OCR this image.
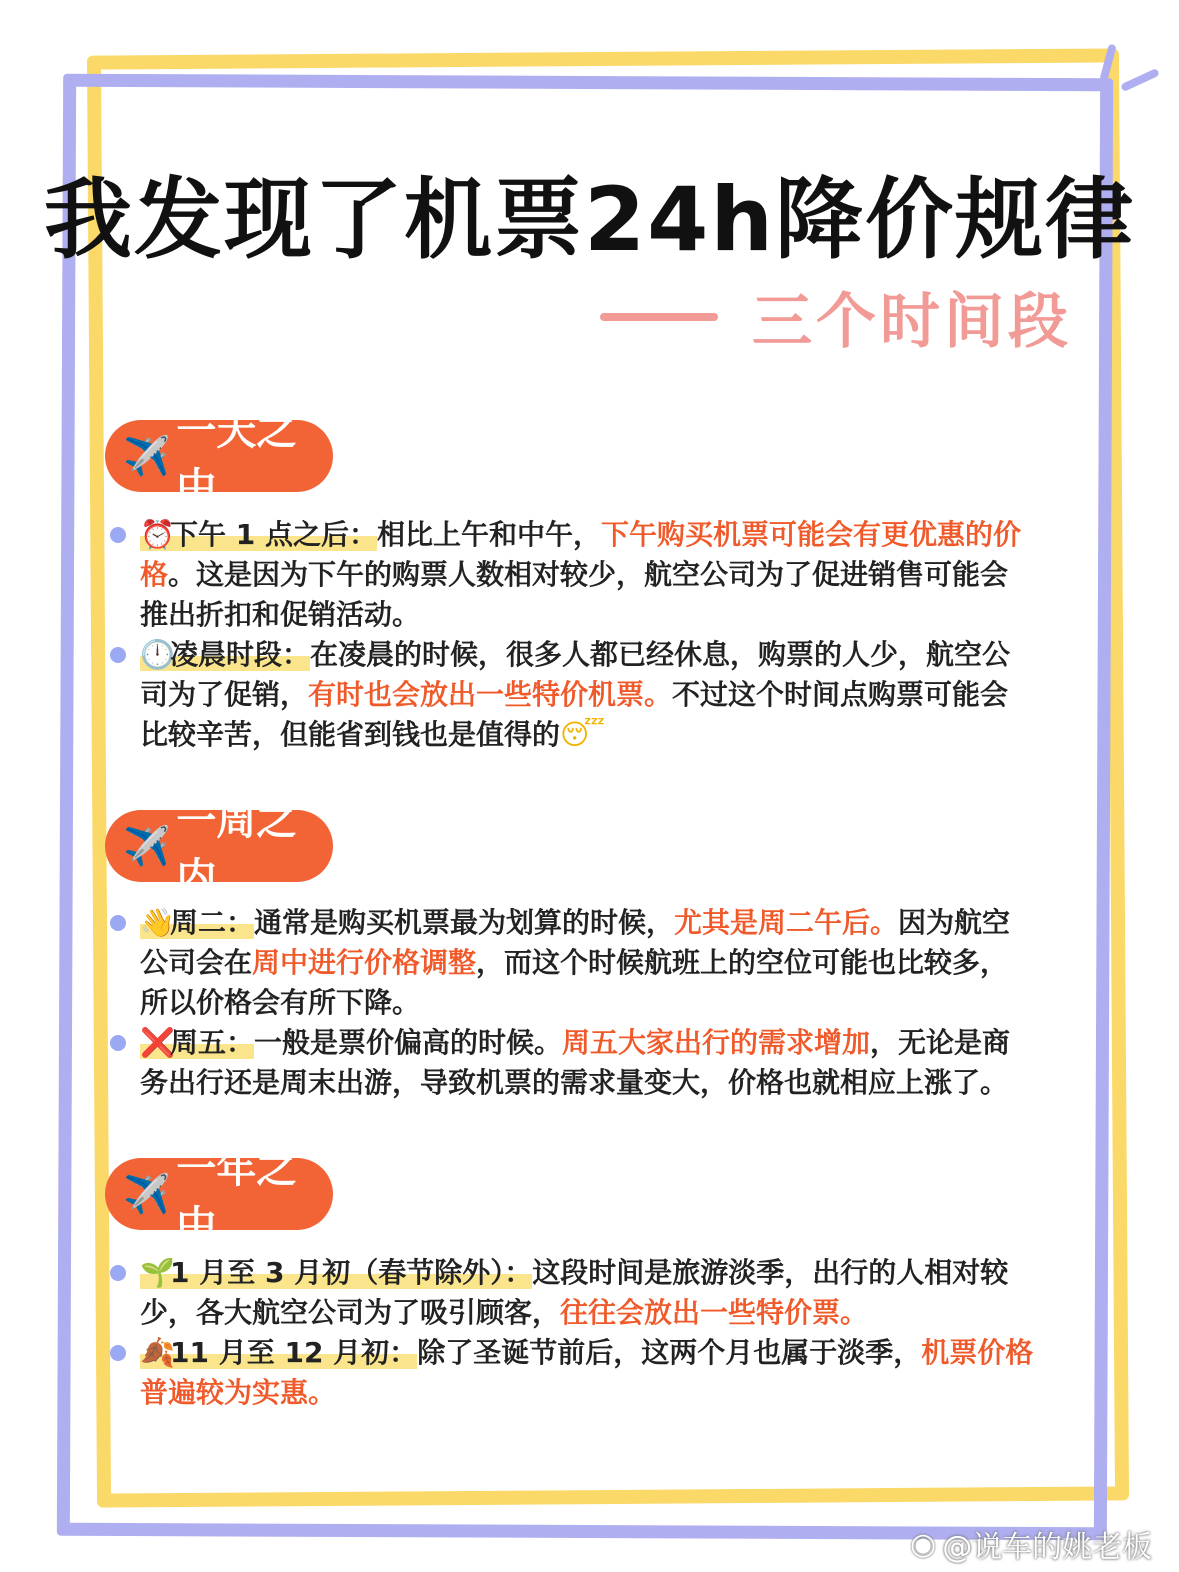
我发现了机票24h降价规律
三个时间段
✈️
一天之中
⏰下午 1 点之后：相比上午和中午，下午购买机票可能会有更优惠的价
格。这是因为下午的购票人数相对较少，航空公司为了促进销售可能会
推出折扣和促销活动。
🕛凌晨时段：在凌晨的时候，很多人都已经休息，购票的人少，航空公
司为了促销，有时也会放出一些特价机票。不过这个时间点购票可能会
比较辛苦，但能省到钱也是值得的😴
✈️
一周之内
👋周二：通常是购买机票最为划算的时候，尤其是周二午后。因为航空
公司会在周中进行价格调整，而这个时候航班上的空位可能也比较多，
所以价格会有所下降。
❌周五：一般是票价偏高的时候。周五大家出行的需求增加，无论是商
务出行还是周末出游，导致机票的需求量变大，价格也就相应上涨了。
✈️
一年之中
🌱1 月至 3 月初（春节除外）：这段时间是旅游淡季，出行的人相对较
少，各大航空公司为了吸引顾客，往往会放出一些特价票。
🍂11 月至 12 月初：除了圣诞节前后，这两个月也属于淡季，机票价格
普遍较为实惠。
◉ @说车的姚老板
